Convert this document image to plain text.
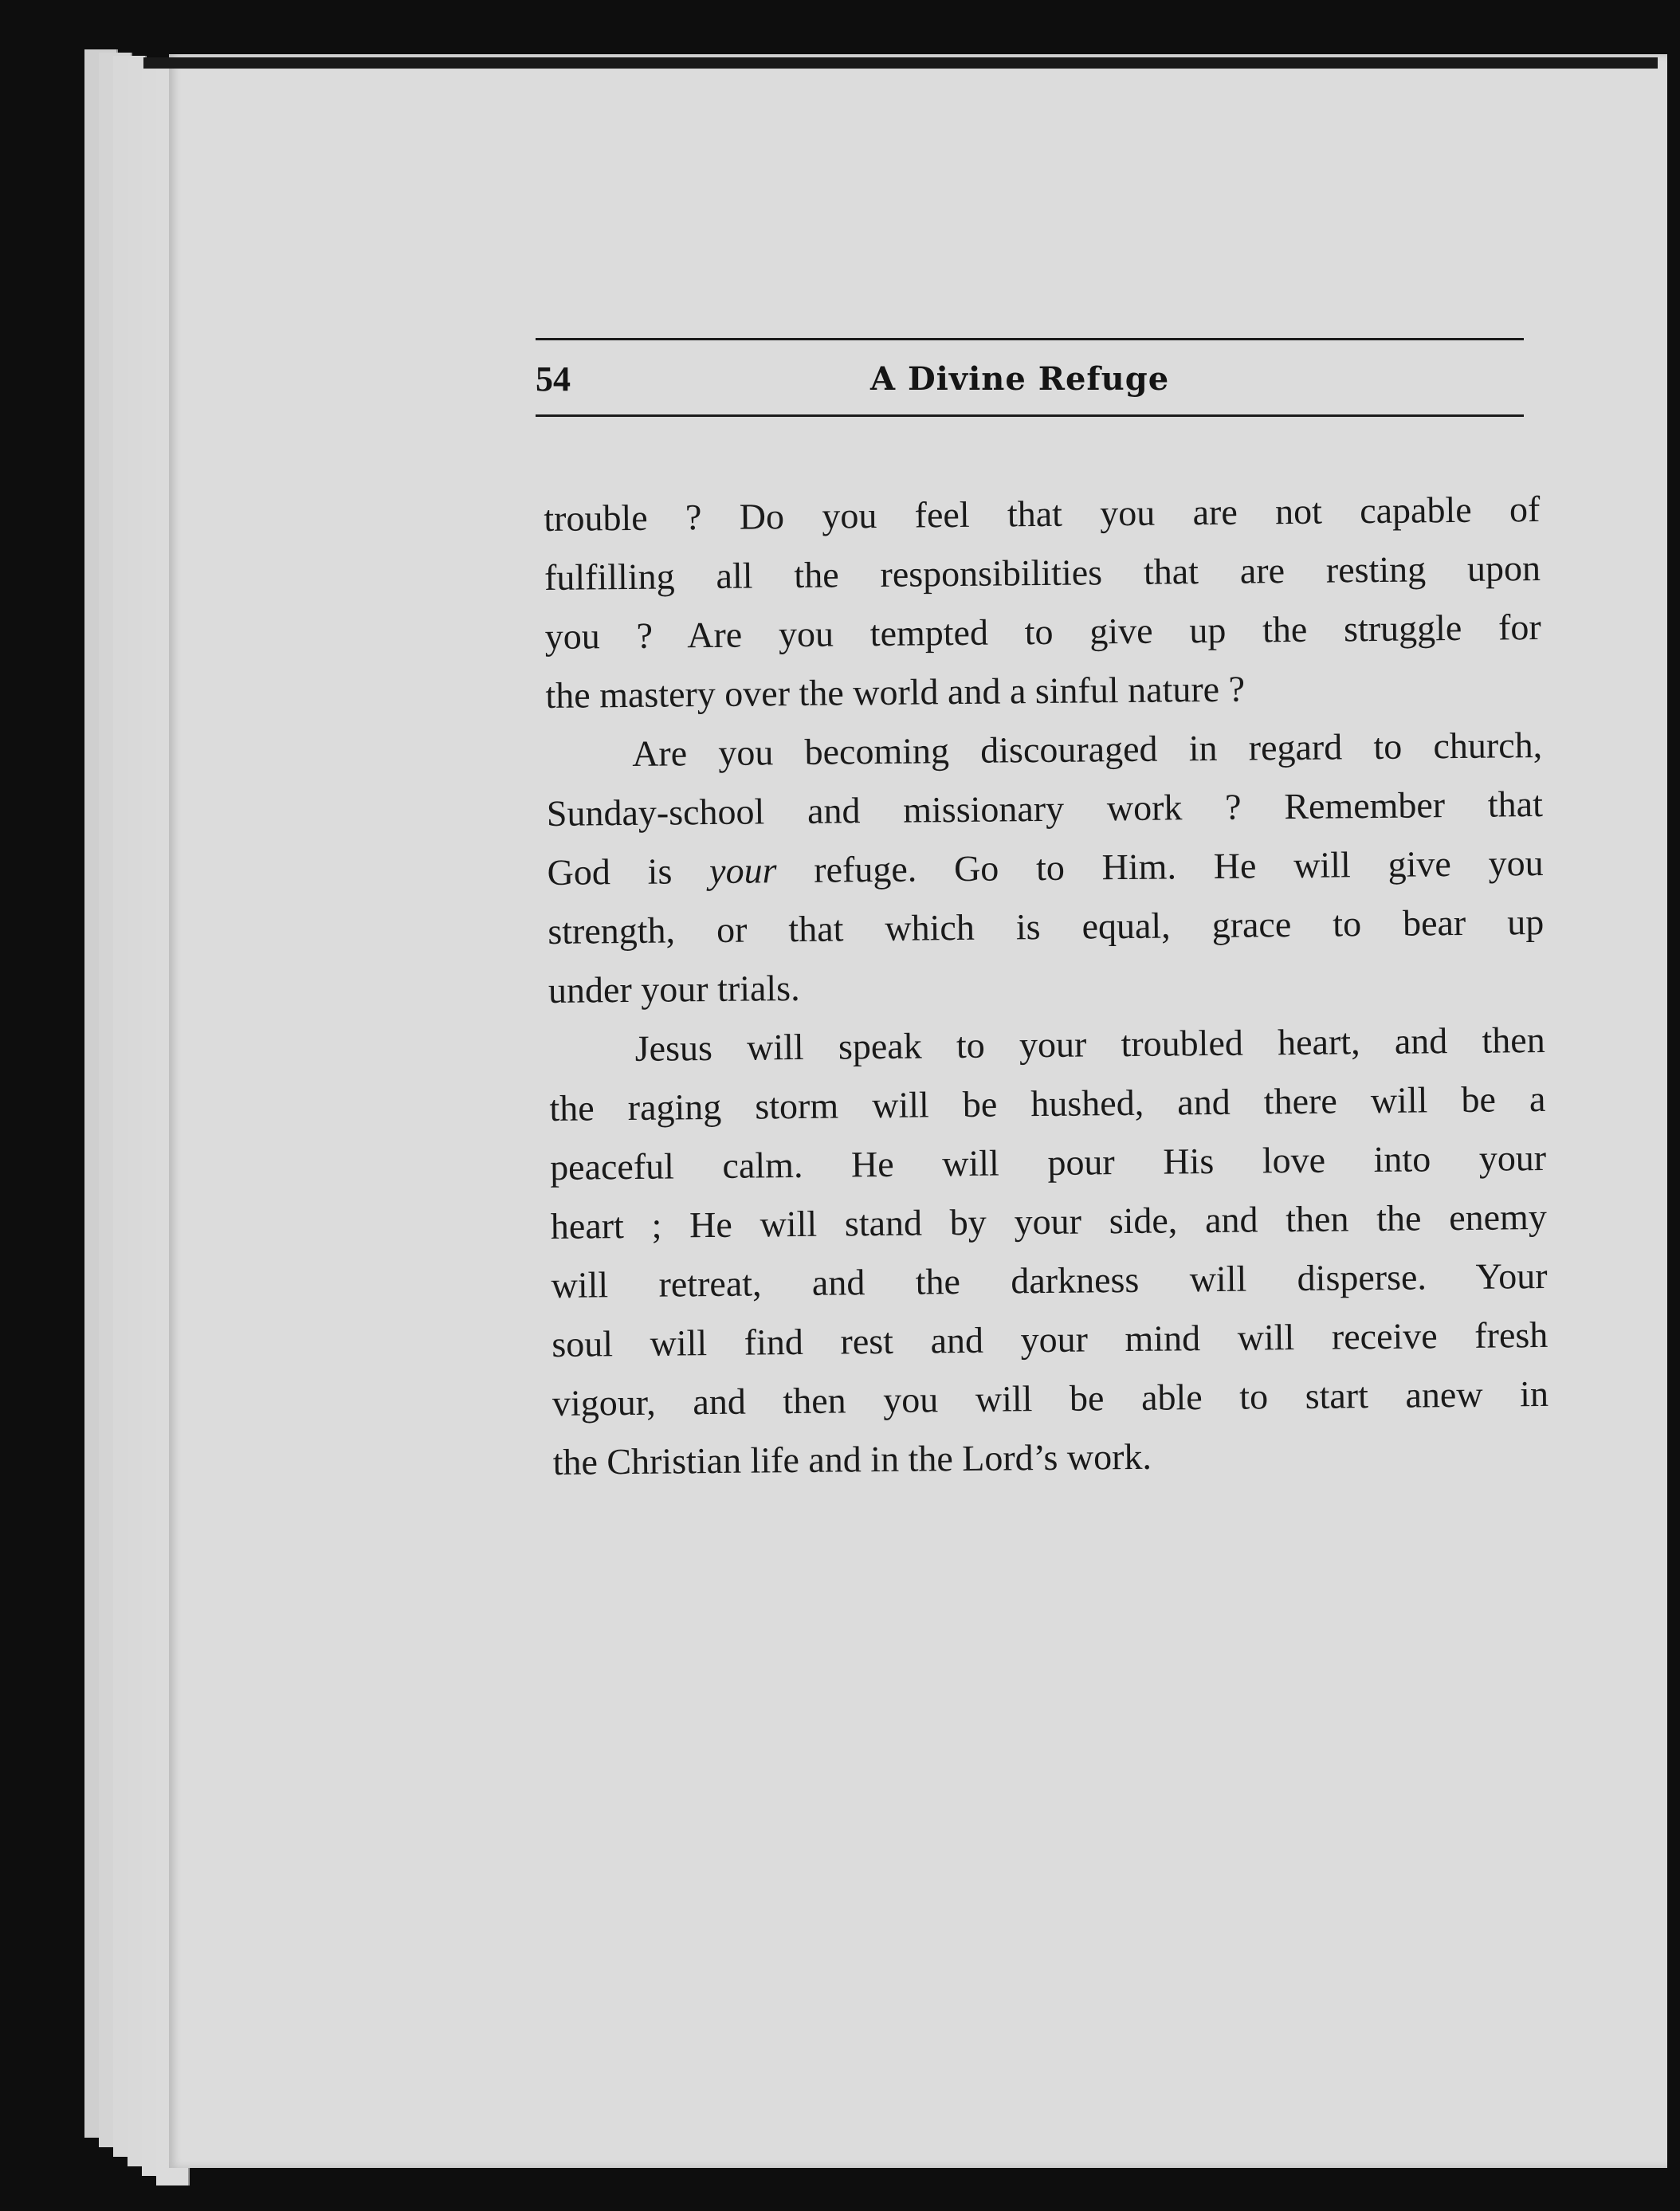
54	A Divine Refuge

trouble ? Do you feel that you are not capable of
fulfilling all the responsibilities that are resting upon
you ? Are you tempted to give up the struggle for
the mastery over the world and a sinful nature ?

Are you becoming discouraged in regard to church,
Sunday-school and missionary work ? Remember that
God is your refuge. Go to Him. He will give you
strength, or that which is equal, grace to bear up
under your trials.

Jesus will speak to your troubled heart, and then
the raging storm will be hushed, and there will be a
peaceful calm. He will pour His love into your
heart ; He will stand by your side, and then the enemy
will retreat, and the darkness will disperse. Your
soul will find rest and your mind will receive fresh
vigour, and then you will be able to start anew in
the Christian life and in the Lord’s work.
